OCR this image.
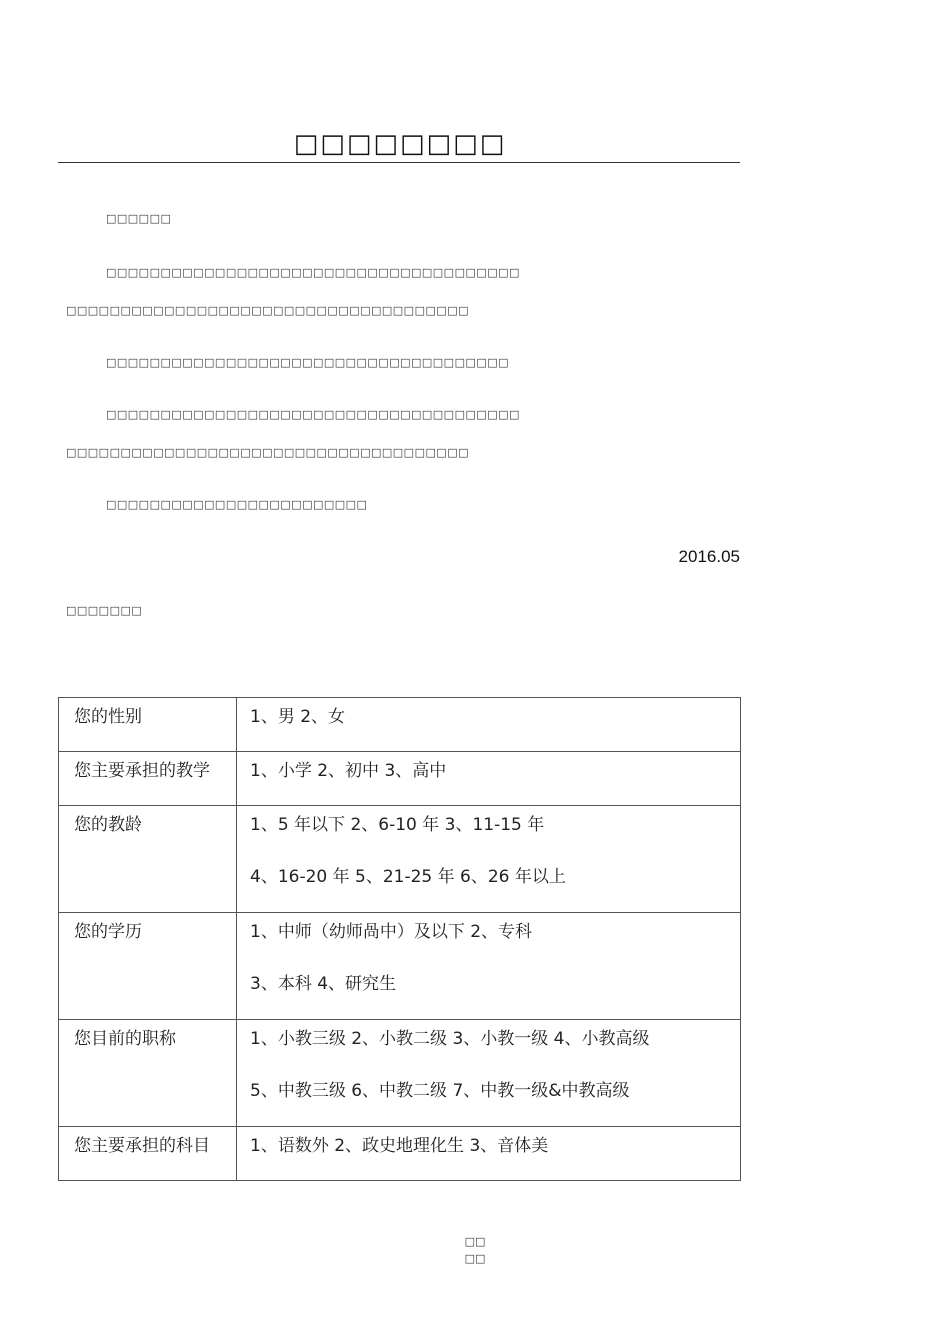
□□□□□□□□
□□□□□□
□□□□□□□□□□□□□□□□□□□□□□□□□□□□□□□□□□□□□□
□□□□□□□□□□□□□□□□□□□□□□□□□□□□□□□□□□□□□
□□□□□□□□□□□□□□□□□□□□□□□□□□□□□□□□□□□□□
□□□□□□□□□□□□□□□□□□□□□□□□□□□□□□□□□□□□□□
□□□□□□□□□□□□□□□□□□□□□□□□□□□□□□□□□□□□□
□□□□□□□□□□□□□□□□□□□□□□□□
2016.05
□□□□□□□
您的性别	1、男 2、女

您主要承担的教学	1、小学 2、初中 3、高中

您的教龄	1、5 年以下 2、6-10 年 3、11-15 年
4、16-20 年 5、21-25 年 6、26 年以上

您的学历	1、中师（幼师咼中）及以下 2、专科
3、本科 4、研究生

您目前的职称	1、小教三级 2、小教二级 3、小教一级 4、小教高级
5、中教三级 6、中教二级 7、中教一级&中教高级

您主要承担的科目	1、语数外 2、政史地理化生 3、音体美
□□
□□
